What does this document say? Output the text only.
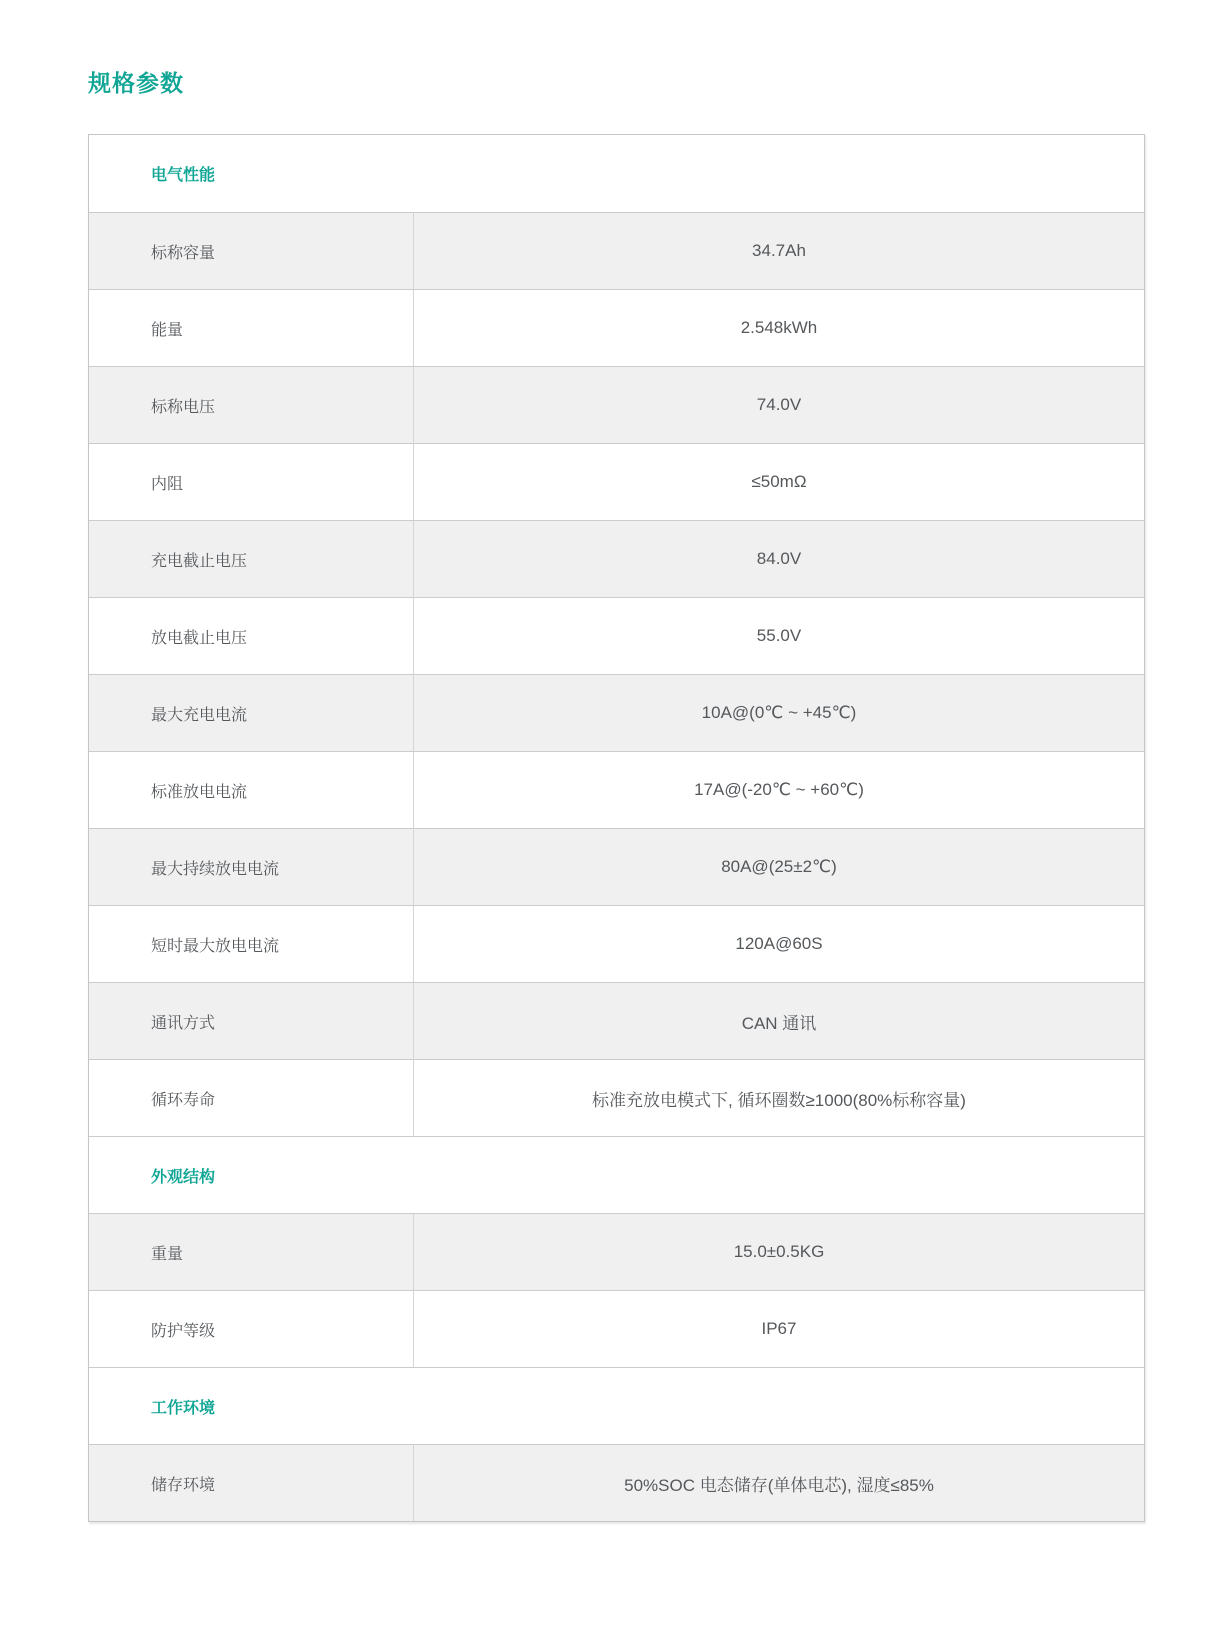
规格参数
电气性能
标称容量	34.7Ah
能量	2.548kWh
标称电压	74.0V
内阻	≤50mΩ
充电截止电压	84.0V
放电截止电压	55.0V
最大充电电流	10A@(0℃ ~ +45℃)
标准放电电流	17A@(-20℃ ~ +60℃)
最大持续放电电流	80A@(25±2℃)
短时最大放电电流	120A@60S
通讯方式	CAN 通讯
循环寿命	标准充放电模式下, 循环圈数≥1000(80%标称容量)
外观结构
重量	15.0±0.5KG
防护等级	IP67
工作环境
储存环境	50%SOC 电态储存(单体电芯), 湿度≤85%
